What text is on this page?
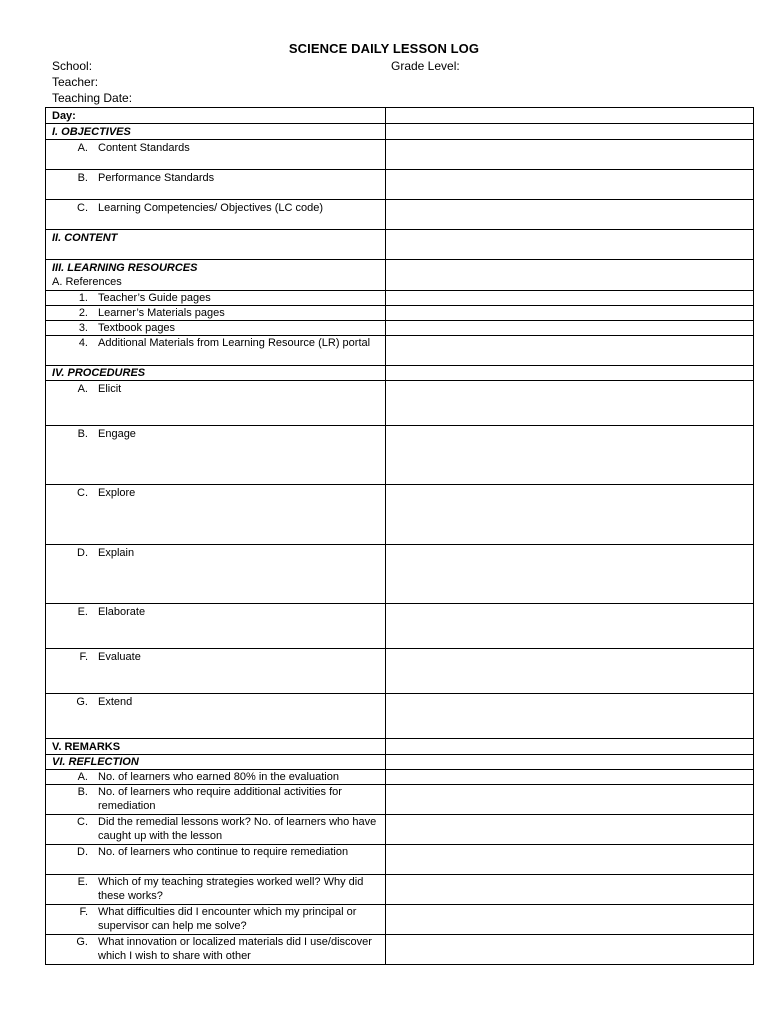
SCIENCE DAILY LESSON LOG
School:	Grade Level:
Teacher:
Teaching Date:
Day:	

I. OBJECTIVES	

A. Content Standards	

B. Performance Standards	

C. Learning Competencies/ Objectives (LC code)	

II. CONTENT	

III. LEARNING RESOURCES
A. References	

1. Teacher’s Guide pages	

2. Learner’s Materials pages	

3. Textbook pages	

4. Additional Materials from Learning Resource (LR) portal	

IV. PROCEDURES	

A. Elicit	

B. Engage	

C. Explore	

D. Explain	

E. Elaborate	

F. Evaluate	

G. Extend	

V. REMARKS	

VI. REFLECTION	

A. No. of learners who earned 80% in the evaluation	

B. No. of learners who require additional activities for remediation	

C. Did the remedial lessons work? No. of learners who have caught up with the lesson	

D. No. of learners who continue to require remediation	

E. Which of my teaching strategies worked well? Why did these works?	

F. What difficulties did I encounter which my principal or supervisor can help me solve?	

G. What innovation or localized materials did I use/discover which I wish to share with other	
